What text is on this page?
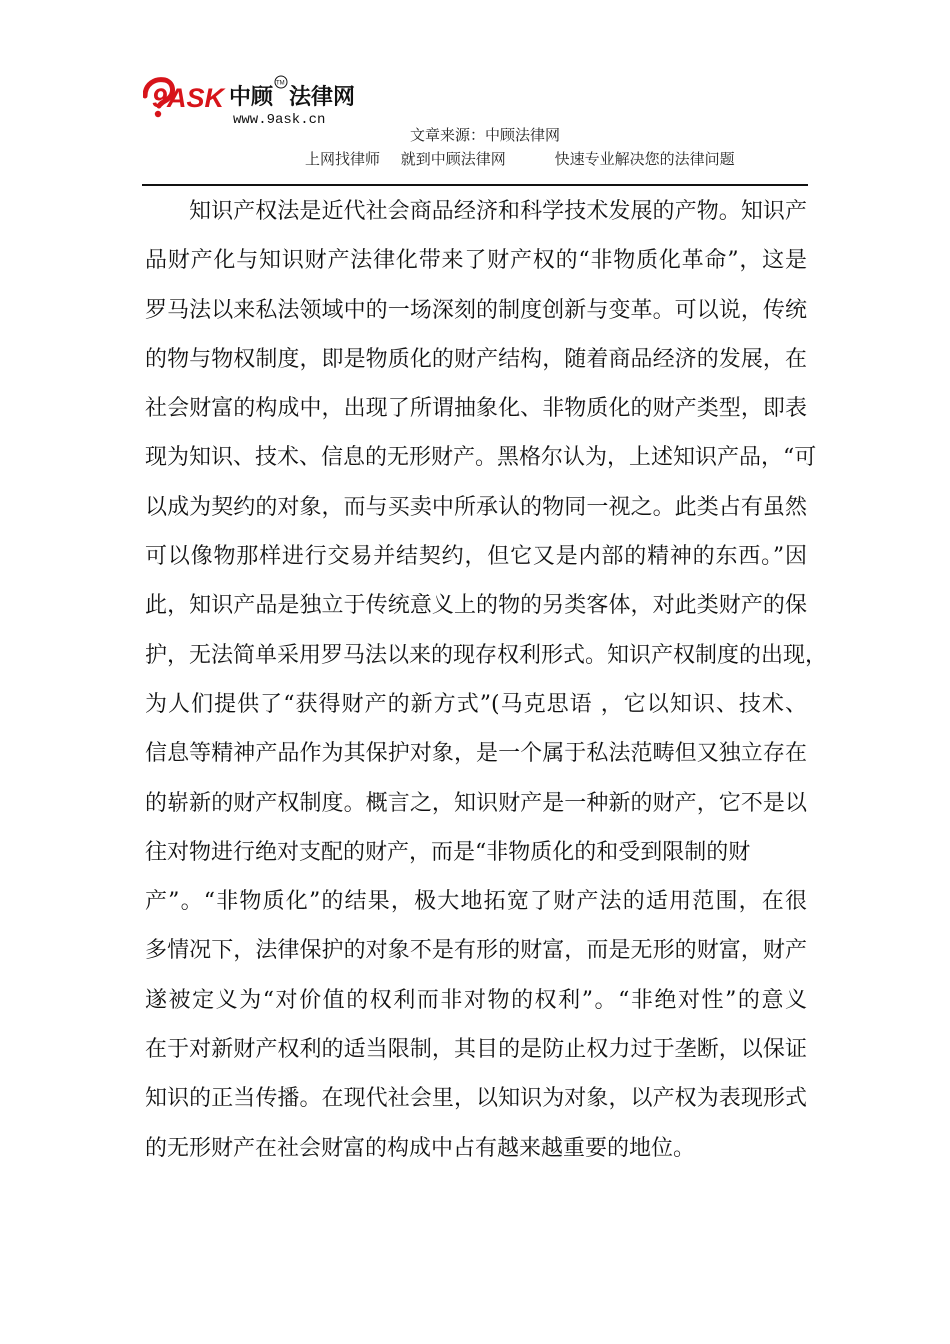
9ASK 中顾 法律网
TM
www.9ask.cn
文章来源：中顾法律网
上网找律师 就到中顾法律网	快速专业解决您的法律问题
知识产权法是近代社会商品经济和科学技术发展的产物。知识产
品财产化与知识财产法律化带来了财产权的“非物质化革命”，这是
罗马法以来私法领域中的一场深刻的制度创新与变革。可以说，传统
的物与物权制度，即是物质化的财产结构，随着商品经济的发展，在
社会财富的构成中，出现了所谓抽象化、非物质化的财产类型，即表
现为知识、技术、信息的无形财产。黑格尔认为，上述知识产品，“可
以成为契约的对象，而与买卖中所承认的物同一视之。此类占有虽然
可以像物那样进行交易并结契约，但它又是内部的精神的东西。”因
此，知识产品是独立于传统意义上的物的另类客体，对此类财产的保
护，无法简单采用罗马法以来的现存权利形式。知识产权制度的出现，
为人们提供了“获得财产的新方式”(马克思语 ，它以知识、技术、
信息等精神产品作为其保护对象，是一个属于私法范畴但又独立存在
的崭新的财产权制度。概言之，知识财产是一种新的财产，它不是以
往对物进行绝对支配的财产，而是“非物质化的和受到限制的财
产”。“非物质化”的结果，极大地拓宽了财产法的适用范围，在很
多情况下，法律保护的对象不是有形的财富，而是无形的财富，财产
遂被定义为“对价值的权利而非对物的权利”。“非绝对性”的意义
在于对新财产权利的适当限制，其目的是防止权力过于垄断，以保证
知识的正当传播。在现代社会里，以知识为对象，以产权为表现形式
的无形财产在社会财富的构成中占有越来越重要的地位。
